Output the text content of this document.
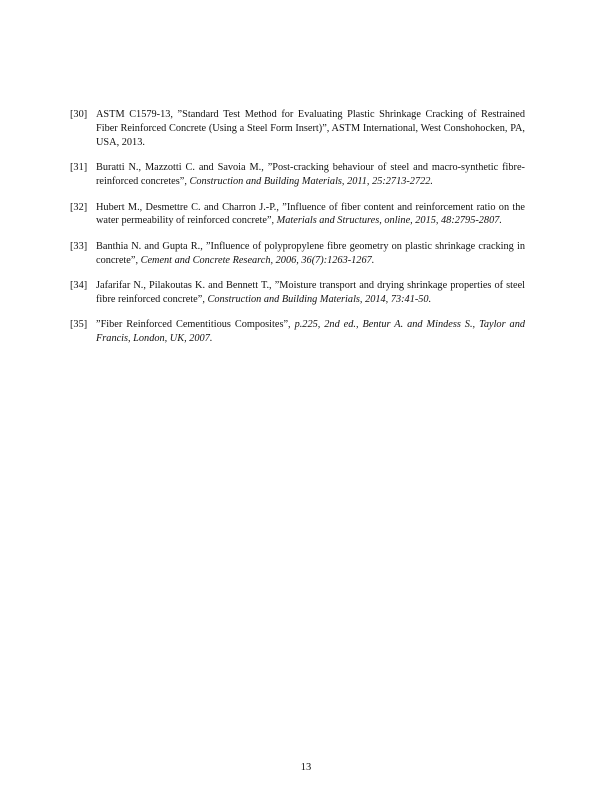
[30] ASTM C1579-13, ”Standard Test Method for Evaluating Plastic Shrinkage Cracking of Restrained Fiber Reinforced Concrete (Using a Steel Form Insert)”, ASTM International, West Conshohocken, PA, USA, 2013.
[31] Buratti N., Mazzotti C. and Savoia M., ”Post-cracking behaviour of steel and macro-synthetic fibre-reinforced concretes”, Construction and Building Materials, 2011, 25:2713-2722.
[32] Hubert M., Desmettre C. and Charron J.-P., ”Influence of fiber content and reinforcement ratio on the water permeability of reinforced concrete”, Materials and Structures, online, 2015, 48:2795-2807.
[33] Banthia N. and Gupta R., ”Influence of polypropylene fibre geometry on plastic shrinkage cracking in concrete”, Cement and Concrete Research, 2006, 36(7):1263-1267.
[34] Jafarifar N., Pilakoutas K. and Bennett T., ”Moisture transport and drying shrinkage properties of steel fibre reinforced concrete”, Construction and Building Materials, 2014, 73:41-50.
[35] ”Fiber Reinforced Cementitious Composites”, p.225, 2nd ed., Bentur A. and Mindess S., Taylor and Francis, London, UK, 2007.
13
